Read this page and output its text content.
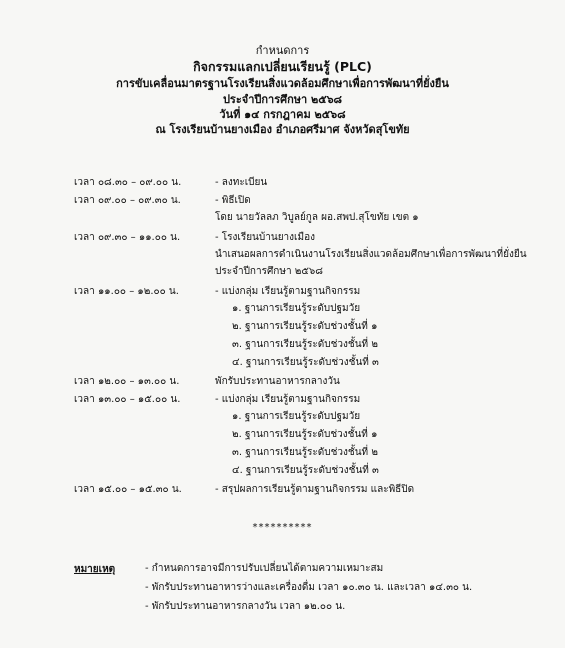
กำหนดการ
กิจกรรมแลกเปลี่ยนเรียนรู้ (PLC)
การขับเคลื่อนมาตรฐานโรงเรียนสิ่งแวดล้อมศึกษาเพื่อการพัฒนาที่ยั่งยืน
ประจำปีการศึกษา ๒๕๖๘
วันที่ ๑๔ กรกฎาคม ๒๕๖๘
ณ โรงเรียนบ้านยางเมือง อำเภอศรีมาศ จังหวัดสุโขทัย
เวลา ๐๘.๓๐ – ๐๙.๐๐ น.	- ลงทะเบียน
เวลา ๐๙.๐๐ – ๐๙.๓๐ น.	- พิธีเปิด
โดย นายวัลลภ วิบูลย์กูล ผอ.สพป.สุโขทัย เขต ๑
เวลา ๐๙.๓๐ – ๑๑.๐๐ น.	- โรงเรียนบ้านยางเมือง
นำเสนอผลการดำเนินงานโรงเรียนสิ่งแวดล้อมศึกษาเพื่อการพัฒนาที่ยั่งยืน
ประจำปีการศึกษา ๒๕๖๘
เวลา ๑๑.๐๐ – ๑๒.๐๐ น.	- แบ่งกลุ่ม เรียนรู้ตามฐานกิจกรรม
๑. ฐานการเรียนรู้ระดับปฐมวัย
๒. ฐานการเรียนรู้ระดับช่วงชั้นที่ ๑
๓. ฐานการเรียนรู้ระดับช่วงชั้นที่ ๒
๔. ฐานการเรียนรู้ระดับช่วงชั้นที่ ๓
เวลา ๑๒.๐๐ – ๑๓.๐๐ น.	พักรับประทานอาหารกลางวัน
เวลา ๑๓.๐๐ – ๑๕.๐๐ น.	- แบ่งกลุ่ม เรียนรู้ตามฐานกิจกรรม
๑. ฐานการเรียนรู้ระดับปฐมวัย
๒. ฐานการเรียนรู้ระดับช่วงชั้นที่ ๑
๓. ฐานการเรียนรู้ระดับช่วงชั้นที่ ๒
๔. ฐานการเรียนรู้ระดับช่วงชั้นที่ ๓
เวลา ๑๕.๐๐ – ๑๕.๓๐ น.	- สรุปผลการเรียนรู้ตามฐานกิจกรรม และพิธีปิด
**********
หมายเหตุ	- กำหนดการอาจมีการปรับเปลี่ยนได้ตามความเหมาะสม
- พักรับประทานอาหารว่างและเครื่องดื่ม เวลา ๑๐.๓๐ น. และเวลา ๑๔.๓๐ น.
- พักรับประทานอาหารกลางวัน เวลา ๑๒.๐๐ น.
